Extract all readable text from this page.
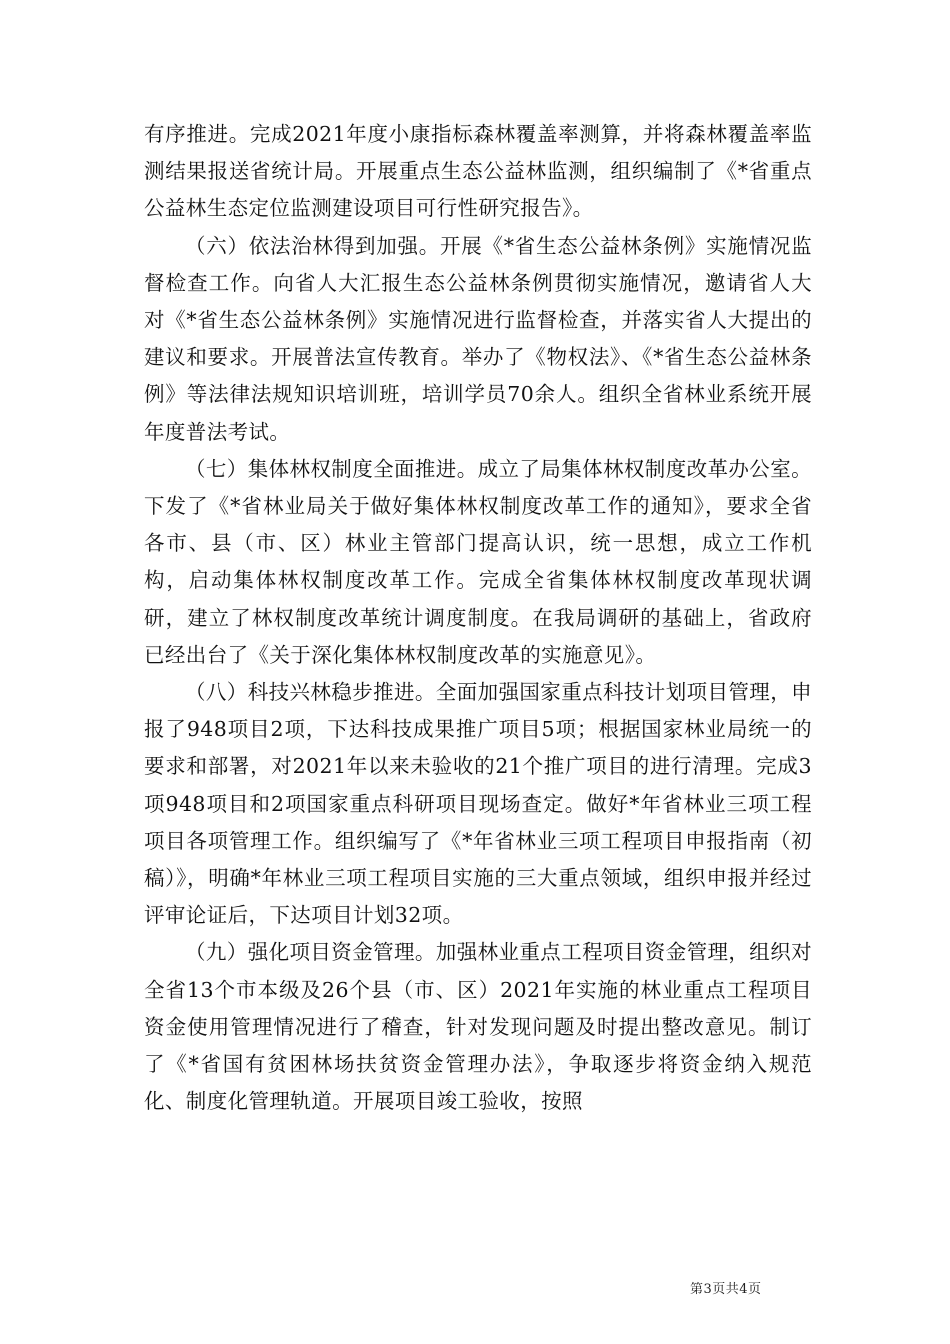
有序推进。完成2021年度小康指标森林覆盖率测算，并将森林覆盖率监测结果报送省统计局。开展重点生态公益林监测，组织编制了《*省重点公益林生态定位监测建设项目可行性研究报告》。

（六）依法治林得到加强。开展《*省生态公益林条例》实施情况监督检查工作。向省人大汇报生态公益林条例贯彻实施情况，邀请省人大对《*省生态公益林条例》实施情况进行监督检查，并落实省人大提出的建议和要求。开展普法宣传教育。举办了《物权法》、《*省生态公益林条例》等法律法规知识培训班，培训学员70余人。组织全省林业系统开展年度普法考试。

（七）集体林权制度全面推进。成立了局集体林权制度改革办公室。下发了《*省林业局关于做好集体林权制度改革工作的通知》，要求全省各市、县（市、区）林业主管部门提高认识，统一思想，成立工作机构，启动集体林权制度改革工作。完成全省集体林权制度改革现状调研，建立了林权制度改革统计调度制度。在我局调研的基础上，省政府已经出台了《关于深化集体林权制度改革的实施意见》。

（八）科技兴林稳步推进。全面加强国家重点科技计划项目管理，申报了948项目2项，下达科技成果推广项目5项；根据国家林业局统一的要求和部署，对2021年以来未验收的21个推广项目的进行清理。完成3项948项目和2项国家重点科研项目现场查定。做好*年省林业三项工程项目各项管理工作。组织编写了《*年省林业三项工程项目申报指南（初稿）》，明确*年林业三项工程项目实施的三大重点领域，组织申报并经过评审论证后，下达项目计划32项。

（九）强化项目资金管理。加强林业重点工程项目资金管理，组织对全省13个市本级及26个县（市、区）2021年实施的林业重点工程项目资金使用管理情况进行了稽查，针对发现问题及时提出整改意见。制订了《*省国有贫困林场扶贫资金管理办法》，争取逐步将资金纳入规范化、制度化管理轨道。开展项目竣工验收，按照

第3页共4页
